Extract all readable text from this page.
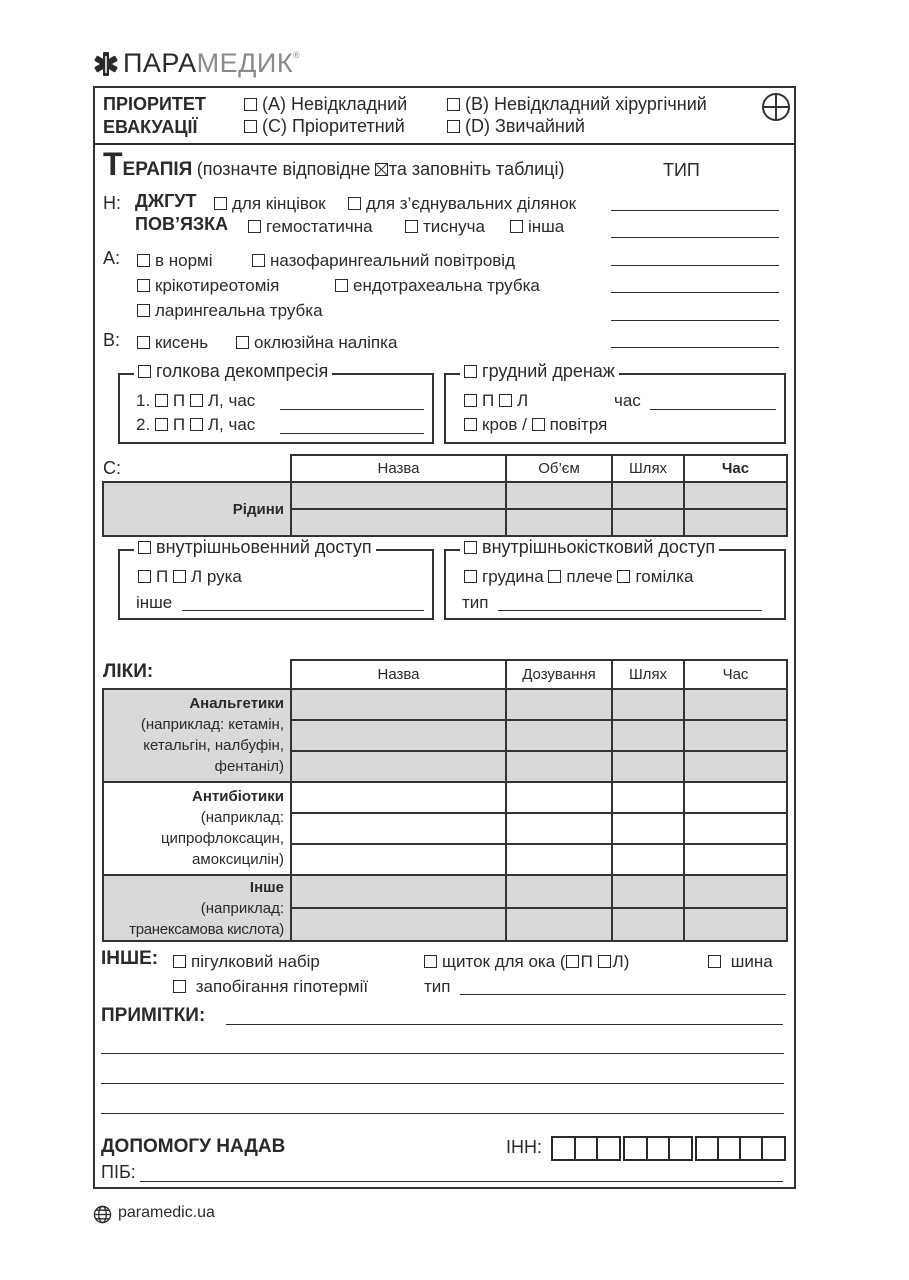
ПАРАМЕДИК®
ПРІОРИТЕТ
ЕВАКУАЦІЇ
(A) Невідкладний	(B) Невідкладний хірургічний
(C) Пріоритетний	(D) Звичайний
ТЕРАПІЯ (позначте відповідне та заповніть таблиці)	ТИП
Н: ДЖГУТ	для кінцівок	для з’єднувальних ділянок
ПОВ’ЯЗКА	гемостатична	тиснуча	інша
А:	в нормі	назофарингеальний повітровід
крікотиреотомія	ендотрахеальна трубка
ларингеальна трубка
В:	кисень	оклюзійна наліпка
голкова декомпресія
1. П Л, час
2. П Л, час
грудний дренаж
П Л	час
кров / повітря
С:
		Назва	Об’єм	Шлях	Час
Рідини				

внутрішньовенний доступ
П Л рука
інше
внутрішньокістковий доступ
грудина плече гомілка
тип
ЛІКИ:
		Назва	Дозування	Шлях	Час
Анальгетики
(наприклад: кетамін,
кетальгін, налбуфін,
фентаніл)				

Антибіотики
(наприклад:
ципрофлоксацин,
амоксицилін)				

Інше
(наприклад:
транексамова кислота)				

ІНШЕ:	пігулковий набір	щиток для ока ( П Л)	шина
запобігання гіпотермії	тип
ПРИМІТКИ:
ДОПОМОГУ НАДАВ	ІНН:
ПІБ:
paramedic.ua
